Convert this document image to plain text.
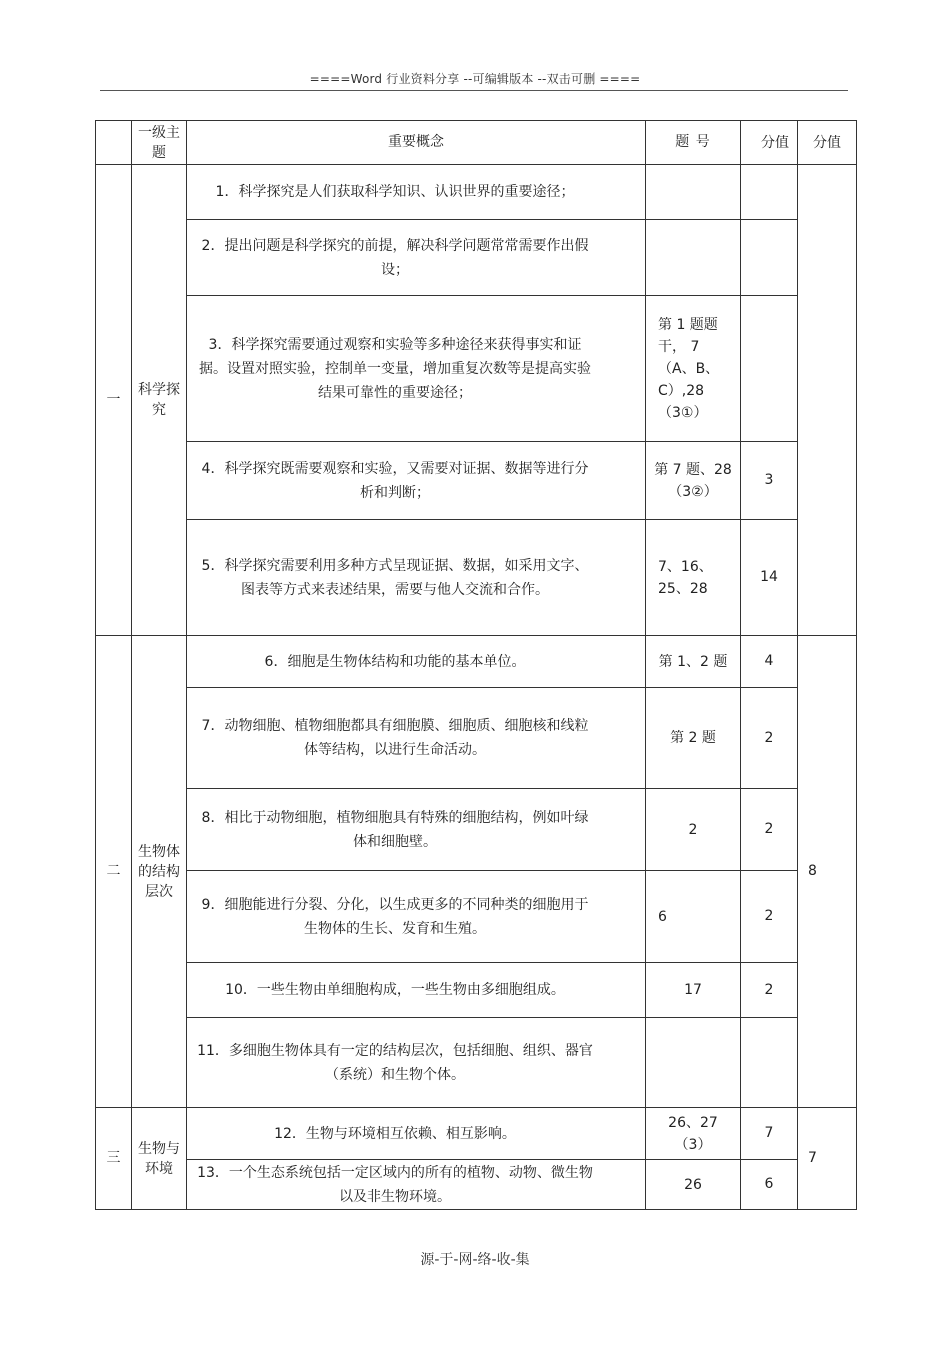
====Word 行业资料分享 --可编辑版本 --双击可删 ====
	一级主题	重要概念	题 号	分值	分值
一	科学探究	1．科学探究是人们获取科学知识、认识世界的重要途径；			
		2．提出问题是科学探究的前提，解决科学问题常常需要作出假设；			
		3．科学探究需要通过观察和实验等多种途径来获得事实和证据。设置对照实验，控制单一变量，增加重复次数等是提高实验结果可靠性的重要途径；	第 1 题题干， 7（A、B、C）,28（3①）		
		4．科学探究既需要观察和实验，又需要对证据、数据等进行分析和判断；	第 7 题、28（3②）	3	
		5．科学探究需要利用多种方式呈现证据、数据，如采用文字、图表等方式来表述结果，需要与他人交流和合作。	7、16、25、28	14	
二	生物体的结构层次	6．细胞是生物体结构和功能的基本单位。	第 1、2 题	4	8
		7．动物细胞、植物细胞都具有细胞膜、细胞质、细胞核和线粒体等结构，以进行生命活动。	第 2 题	2	
		8．相比于动物细胞，植物细胞具有特殊的细胞结构，例如叶绿体和细胞壁。	2	2	
		9．细胞能进行分裂、分化，以生成更多的不同种类的细胞用于生物体的生长、发育和生殖。	6	2	
		10．一些生物由单细胞构成，一些生物由多细胞组成。	17	2	
		11．多细胞生物体具有一定的结构层次，包括细胞、组织、器官（系统）和生物个体。			
三	生物与环境	12．生物与环境相互依赖、相互影响。	26、27（3）	7	7
		13．一个生态系统包括一定区域内的所有的植物、动物、微生物以及非生物环境。	26	6	
源-于-网-络-收-集
